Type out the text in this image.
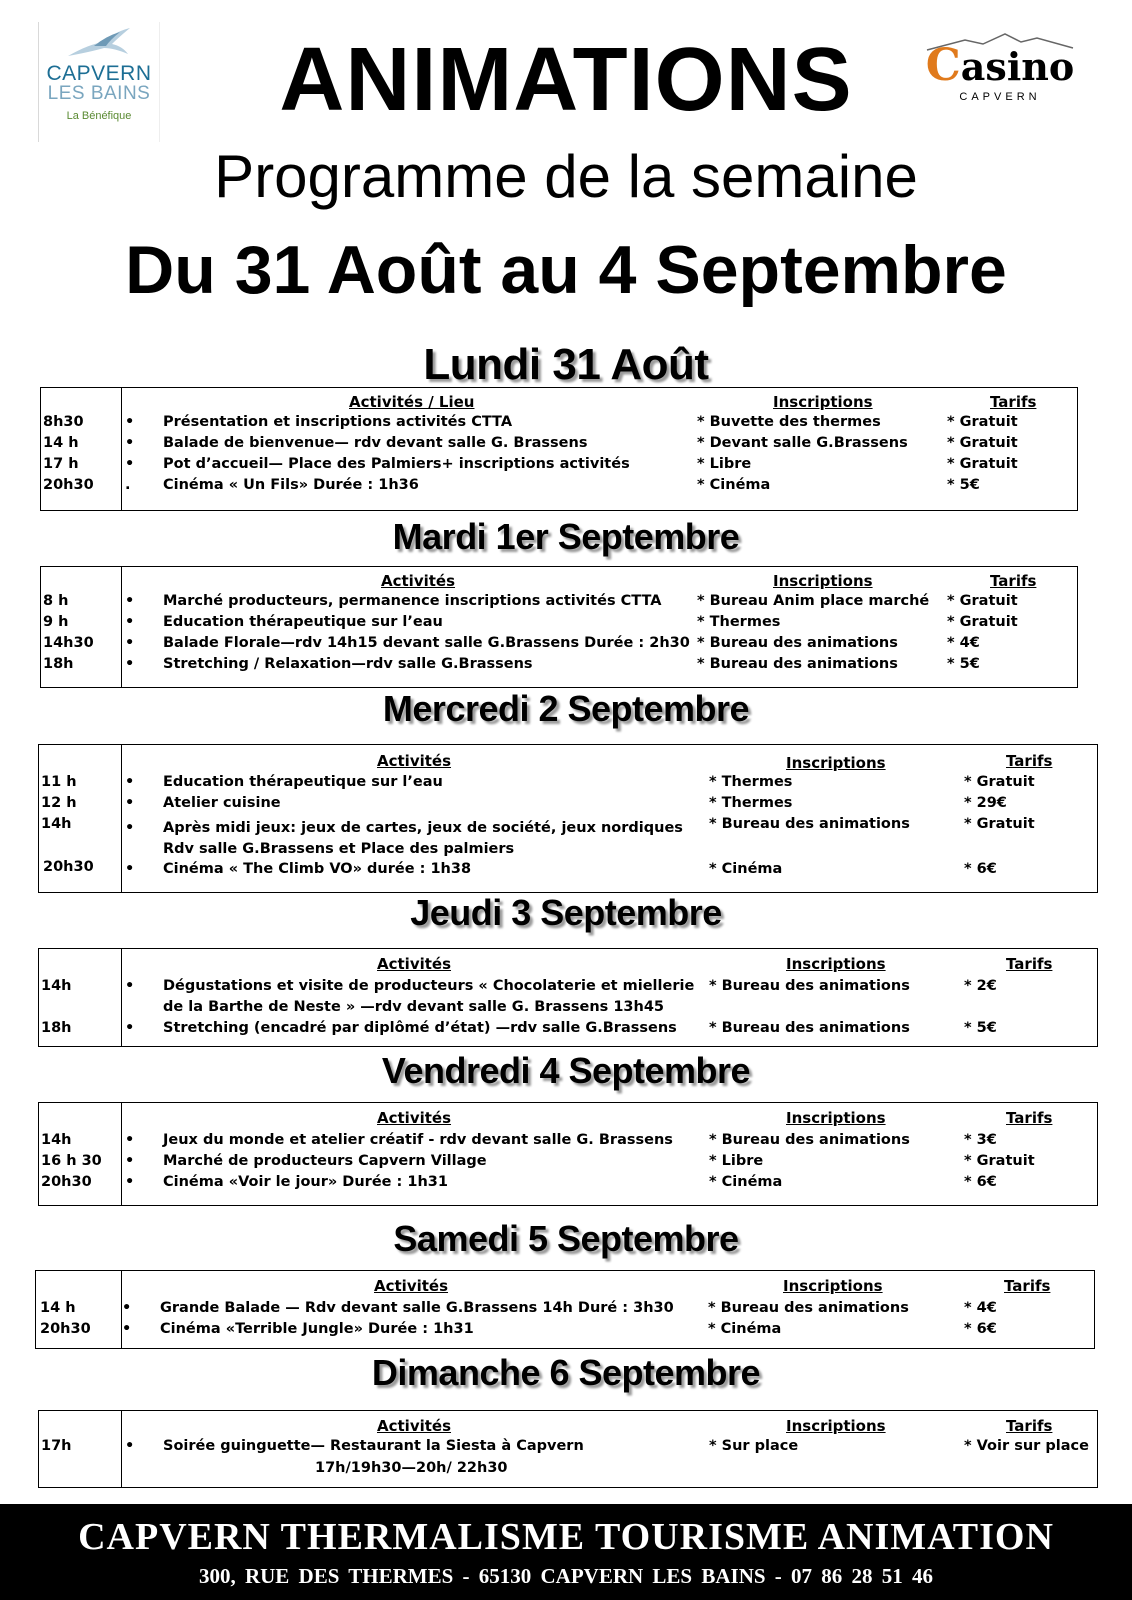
CAPVERN
LES BAINS
La Bénéfique
Casino
CAPVERN
ANIMATIONS
Programme de la semaine
Du 31 Août au 4 Septembre
Lundi 31 Août
Activités / Lieu	Inscriptions	Tarifs
8h30	• Présentation et inscriptions activités CTTA	* Buvette des thermes	* Gratuit
14 h	• Balade de bienvenue— rdv devant salle G. Brassens	* Devant salle G.Brassens	* Gratuit
17 h	• Pot d’accueil— Place des Palmiers+ inscriptions activités	* Libre	* Gratuit
20h30 . Cinéma « Un Fils» Durée : 1h36	* Cinéma	* 5€
Mardi 1er Septembre
Activités	Inscriptions	Tarifs
8 h	• Marché producteurs, permanence inscriptions activités CTTA * Bureau Anim place marché * Gratuit
9 h	• Education thérapeutique sur l’eau	* Thermes	* Gratuit
14h30 • Balade Florale—rdv 14h15 devant salle G.Brassens Durée : 2h30 * Bureau des animations	* 4€
18h	• Stretching / Relaxation—rdv salle G.Brassens	* Bureau des animations	* 5€
Mercredi 2 Septembre
Activités	Inscriptions	Tarifs
11 h	• Education thérapeutique sur l’eau	* Thermes	* Gratuit
12 h	• Atelier cuisine	* Thermes	* 29€
14h	• Après midi jeux: jeux de cartes, jeux de société, jeux nordiques * Bureau des animations	* Gratuit
Rdv salle G.Brassens et Place des palmiers
20h30 • Cinéma « The Climb VO» durée : 1h38	* Cinéma	* 6€
Jeudi 3 Septembre
Activités	Inscriptions	Tarifs
14h	• Dégustations et visite de producteurs « Chocolaterie et miellerie * Bureau des animations	* 2€
de la Barthe de Neste » —rdv devant salle G. Brassens 13h45
18h	• Stretching (encadré par diplômé d’état) —rdv salle G.Brassens * Bureau des animations	* 5€
Vendredi 4 Septembre
Activités	Inscriptions	Tarifs
14h	• Jeux du monde et atelier créatif - rdv devant salle G. Brassens * Bureau des animations	* 3€
16 h 30 • Marché de producteurs Capvern Village	* Libre	* Gratuit
20h30 • Cinéma «Voir le jour» Durée : 1h31	* Cinéma	* 6€
Samedi 5 Septembre
Activités	Inscriptions	Tarifs
14 h	• Grande Balade — Rdv devant salle G.Brassens 14h Duré : 3h30 * Bureau des animations	* 4€
20h30 • Cinéma «Terrible Jungle» Durée : 1h31	* Cinéma	* 6€
Dimanche 6 Septembre
Activités	Inscriptions	Tarifs
17h	• Soirée guinguette— Restaurant la Siesta à Capvern	* Sur place	* Voir sur place
17h/19h30—20h/ 22h30
CAPVERN THERMALISME TOURISME ANIMATION
300, RUE DES THERMES - 65130 CAPVERN LES BAINS - 07 86 28 51 46
